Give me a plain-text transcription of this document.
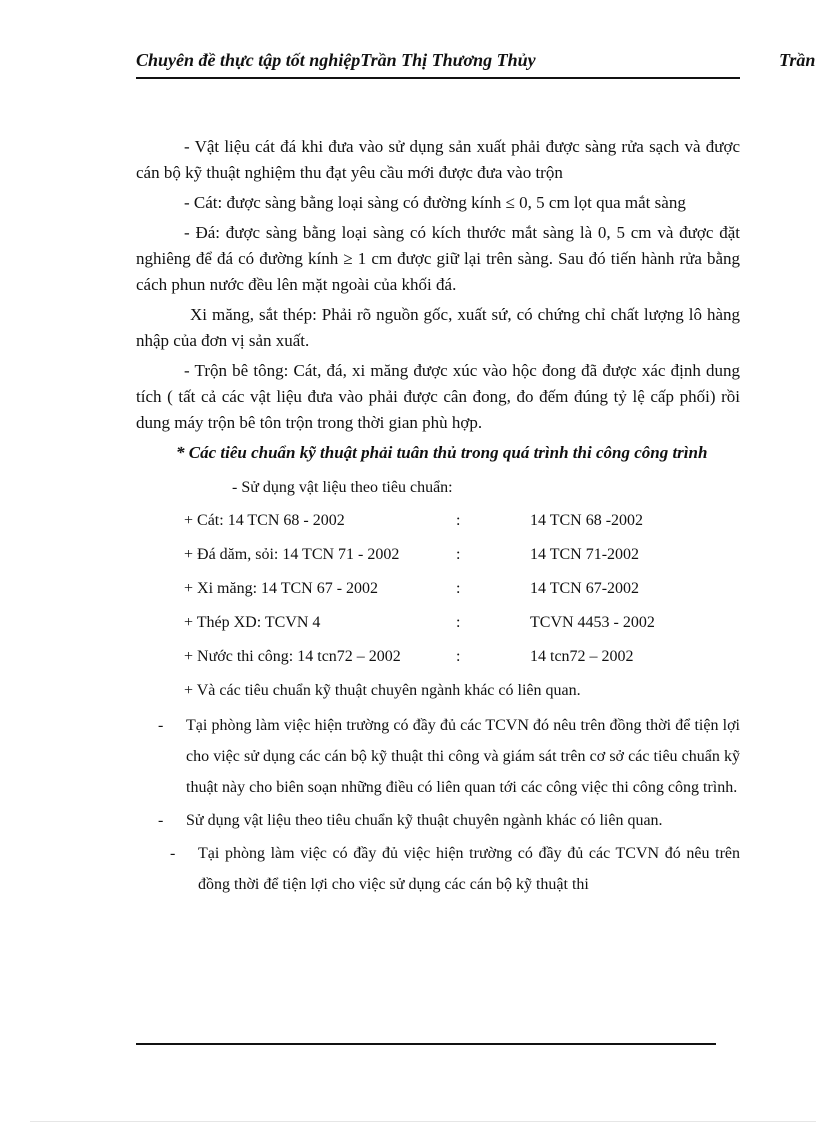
Chuyên đề thực tập tốt nghiệpTrần Thị Thương Thủy	Trần

- Vật liệu cát đá khi đưa vào sử dụng sản xuất phải được sàng rửa sạch và được cán bộ kỹ thuật nghiệm thu đạt yêu cầu mới được đưa vào trộn

- Cát: được sàng bằng loại sàng có đường kính ≤ 0, 5 cm lọt qua mắt sàng

- Đá: được sàng bằng loại sàng có kích thước mắt sàng là 0, 5 cm và được đặt nghiêng để đá có đường kính ≥ 1 cm được giữ lại trên sàng. Sau đó tiến hành rửa bằng cách phun nước đều lên mặt ngoài của khối đá.

Xi măng, sắt thép: Phải rõ nguồn gốc, xuất sứ, có chứng chỉ chất lượng lô hàng nhập của đơn vị sản xuất.

- Trộn bê tông: Cát, đá, xi măng được xúc vào hộc đong đã được xác định dung tích ( tất cả các vật liệu đưa vào phải được cân đong, đo đếm đúng tỷ lệ cấp phối) rồi dung máy trộn bê tôn trộn trong thời gian phù hợp.

* Các tiêu chuẩn kỹ thuật phải tuân thủ trong quá trình thi công công trình

- Sử dụng vật liệu theo tiêu chuẩn:

+ Cát: 14 TCN 68 - 2002	:	14 TCN 68 -2002
+ Đá dăm, sỏi: 14 TCN 71 - 2002	:	14 TCN 71-2002
+ Xi măng: 14 TCN 67 - 2002	:	14 TCN 67-2002
+ Thép XD: TCVN 4	:	TCVN 4453 - 2002
+ Nước thi công: 14 tcn72 – 2002	:	14 tcn72 – 2002
+ Và các tiêu chuẩn kỹ thuật chuyên ngành khác có liên quan.
- Tại phòng làm việc hiện trường có đầy đủ các TCVN đó nêu trên đồng thời để tiện lợi cho việc sử dụng các cán bộ kỹ thuật thi công và giám sát trên cơ sở các tiêu chuẩn kỹ thuật này cho biên soạn những điều có liên quan tới các công việc thi công công trình.
- Sử dụng vật liệu theo tiêu chuẩn kỹ thuật chuyên ngành khác có liên quan.
- Tại phòng làm việc có đầy đủ việc hiện trường có đầy đủ các TCVN đó nêu trên đồng thời để tiện lợi cho việc sử dụng các cán bộ kỹ thuật thi
